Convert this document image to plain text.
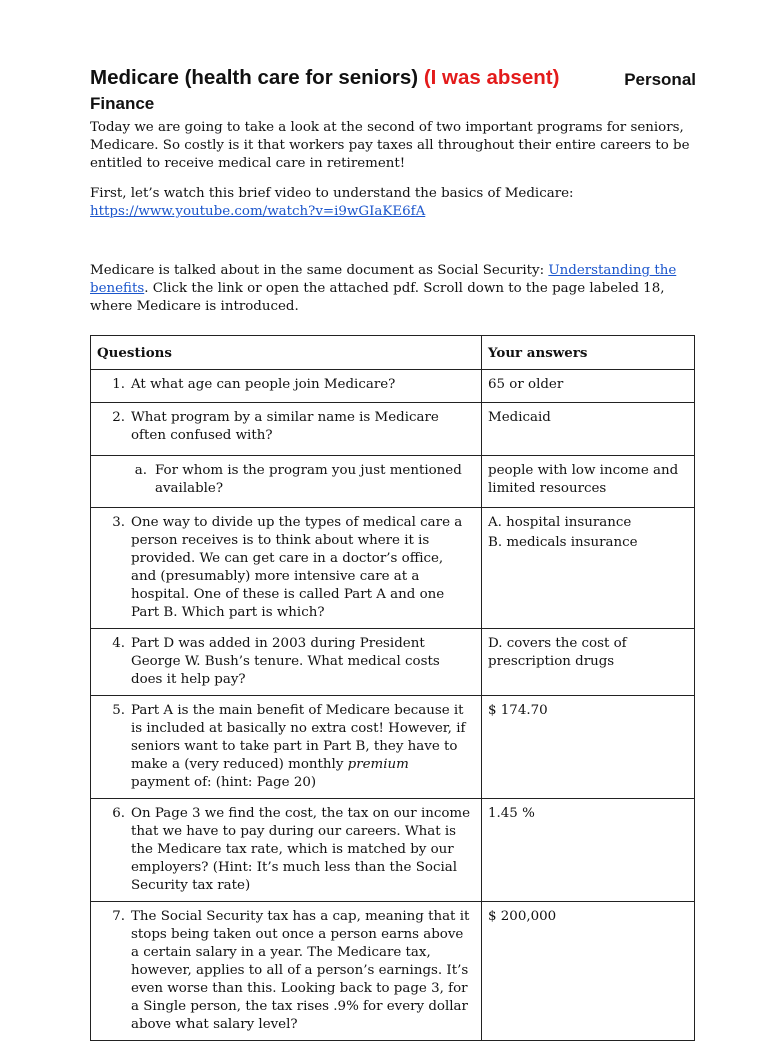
Medicare (health care for seniors) (I was absent)	Personal
Finance

Today we are going to take a look at the second of two important programs for seniors, Medicare. So costly is it that workers pay taxes all throughout their entire careers to be entitled to receive medical care in retirement!

First, let’s watch this brief video to understand the basics of Medicare:
https://www.youtube.com/watch?v=i9wGIaKE6fA

Medicare is talked about in the same document as Social Security: Understanding the benefits. Click the link or open the attached pdf. Scroll down to the page labeled 18, where Medicare is introduced.

Questions	Your answers
1. At what age can people join Medicare?	65 or older
2. What program by a similar name is Medicare often confused with?	Medicaid
a. For whom is the program you just mentioned available?	people with low income and limited resources
3. One way to divide up the types of medical care a person receives is to think about where it is provided. We can get care in a doctor’s office, and (presumably) more intensive care at a hospital. One of these is called Part A and one Part B. Which part is which?	A. hospital insurance
B. medicals insurance

4. Part D was added in 2003 during President George W. Bush’s tenure. What medical costs does it help pay?	D. covers the cost of prescription drugs
5. Part A is the main benefit of Medicare because it is included at basically no extra cost! However, if seniors want to take part in Part B, they have to make a (very reduced) monthly premium payment of: (hint: Page 20)	$ 174.70
6. On Page 3 we find the cost, the tax on our income that we have to pay during our careers. What is the Medicare tax rate, which is matched by our employers? (Hint: It’s much less than the Social Security tax rate)	1.45 %
7. The Social Security tax has a cap, meaning that it stops being taken out once a person earns above a certain salary in a year. The Medicare tax, however, applies to all of a person’s earnings. It’s even worse than this. Looking back to page 3, for a Single person, the tax rises .9% for every dollar above what salary level?	$ 200,000
